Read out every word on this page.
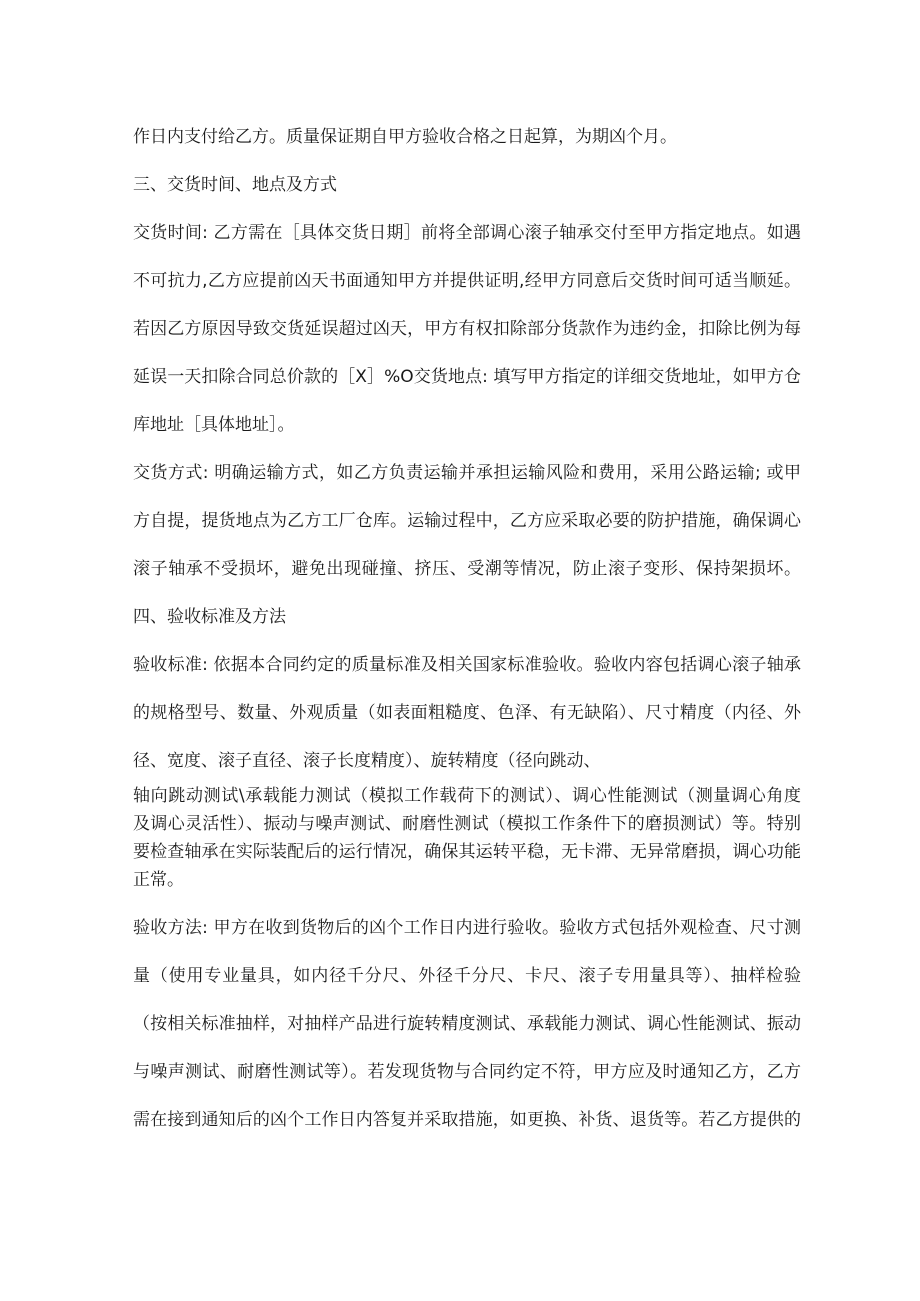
作日内支付给乙方。质量保证期自甲方验收合格之日起算，为期凶个月。
三、交货时间、地点及方式
交货时间: 乙方需在［具体交货日期］前将全部调心滚子轴承交付至甲方指定地点。如遇
不可抗力,乙方应提前凶天书面通知甲方并提供证明,经甲方同意后交货时间可适当顺延。
若因乙方原因导致交货延误超过凶天，甲方有权扣除部分货款作为违约金，扣除比例为每
延误一天扣除合同总价款的［X］%O交货地点: 填写甲方指定的详细交货地址，如甲方仓
库地址［具体地址］。
交货方式: 明确运输方式，如乙方负责运输并承担运输风险和费用，采用公路运输; 或甲
方自提，提货地点为乙方工厂仓库。运输过程中，乙方应采取必要的防护措施，确保调心
滚子轴承不受损坏，避免出现碰撞、挤压、受潮等情况，防止滚子变形、保持架损坏。
四、验收标准及方法
验收标准: 依据本合同约定的质量标准及相关国家标准验收。验收内容包括调心滚子轴承
的规格型号、数量、外观质量（如表面粗糙度、色泽、有无缺陷）、尺寸精度（内径、外
径、宽度、滚子直径、滚子长度精度）、旋转精度（径向跳动、
轴向跳动测试\承载能力测试（模拟工作载荷下的测试）、调心性能测试（测量调心角度
及调心灵活性）、振动与噪声测试、耐磨性测试（模拟工作条件下的磨损测试）等。特别
要检查轴承在实际装配后的运行情况，确保其运转平稳，无卡滞、无异常磨损，调心功能
正常。
验收方法: 甲方在收到货物后的凶个工作日内进行验收。验收方式包括外观检查、尺寸测
量（使用专业量具，如内径千分尺、外径千分尺、卡尺、滚子专用量具等）、抽样检验
（按相关标准抽样，对抽样产品进行旋转精度测试、承载能力测试、调心性能测试、振动
与噪声测试、耐磨性测试等）。若发现货物与合同约定不符，甲方应及时通知乙方，乙方
需在接到通知后的凶个工作日内答复并采取措施，如更换、补货、退货等。若乙方提供的
